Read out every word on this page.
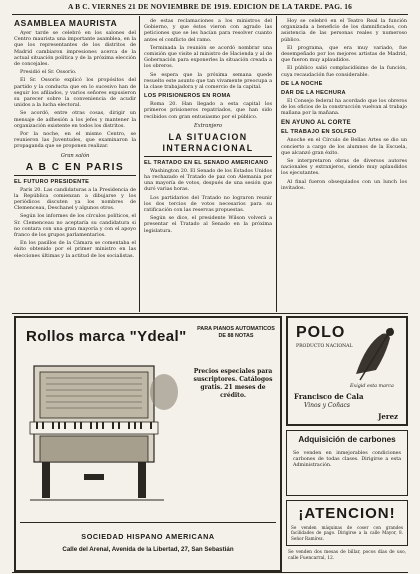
A B C. VIERNES 21 DE NOVIEMBRE DE 1919. EDICION DE LA TARDE. PAG. 16
ASAMBLEA MAURISTA

Ayer tarde se celebró en los salones del Centro maurista una importante asamblea, en la que los representantes de los distritos de Madrid cambiaron impresiones acerca de la actual situación política y de la próxima elección de concejales.

Presidió el Sr. Ossorio.

El Sr. Ossorio explicó los propósitos del partido y la conducta que en lo sucesivo han de seguir los afiliados, y varios señores expusieron su parecer sobre la conveniencia de acudir unidos a la lucha electoral.

Se acordó, entre otras cosas, dirigir un mensaje de adhesión a los jefes y mantener la organización existente en todos los distritos.

Por la noche, en el mismo Centro, se reunieron las Juventudes, que examinaron la propaganda que se proponen realizar.

Gran salón
A B C EN PARIS
EL FUTURO PRESIDENTE

París 20. Las candidaturas a la Presidencia de la República comienzan a dibujarse y los periódicos discuten ya los nombres de Clemenceau, Deschanel y algunos otros.

Según los informes de los círculos políticos, el Sr. Clemenceau no aceptaría su candidatura si no contara con una gran mayoría y con el apoyo franco de los grupos parlamentarios.

En los pasillos de la Cámara se comentaba el éxito obtenido por el primer ministro en las elecciones últimas y la actitud de los socialistas.

de estas reclamaciones a los ministros del Gobierno, y que éstos vieron con agrado las peticiones que se les hacían para resolver cuanto antes el conflicto del ramo.

Terminada la reunión se acordó nombrar una comisión que visite al ministro de Hacienda y al de Gobernación para exponerles la situación creada a los obreros.

Se espera que la próxima semana quede resuelto este asunto que tan vivamente preocupa a la clase trabajadora y al comercio de la capital.

LOS PRISIONEROS EN ROMA

Roma 20. Han llegado a esta capital los primeros prisioneros repatriados, que han sido recibidos con gran entusiasmo por el público.

Extranjero
LA SITUACION INTERNACIONAL
EL TRATADO EN EL SENADO AMERICANO

Washington 20. El Senado de los Estados Unidos ha rechazado el Tratado de paz con Alemania por una mayoría de votos, después de una sesión que duró varias horas.

Los partidarios del Tratado no lograron reunir los dos tercios de votos necesarios para su ratificación con las reservas propuestas.

Según se dice, el presidente Wilson volverá a presentar el Tratado al Senado en la próxima legislatura.

Hoy se celebró en el Teatro Real la función organizada a beneficio de los damnificados, con asistencia de las personas reales y numeroso público.

El programa, que era muy variado, fue desempeñado por los mejores artistas de Madrid, que fueron muy aplaudidos.

El público salió complacidísimo de la función, cuya recaudación fue considerable.

DE LA NOCHE
DAR DE LA HECHURA

El Consejo federal ha acordado que los obreros de los oficios de la construcción vuelvan al trabajo mañana por la mañana.

EN AYUNO AL CORTE
EL TRABAJO EN SOLFEO

Anoche en el Círculo de Bellas Artes se dio un concierto a cargo de los alumnos de la Escuela, que alcanzó gran éxito.

Se interpretaron obras de diversos autores nacionales y extranjeros, siendo muy aplaudidos los ejecutantes.

Al final fueron obsequiados con un lunch los invitados.

Rollos marca "Ydeal"	PARA PIANOS AUTOMATICOS DE 88 NOTAS
Precios especiales para suscriptores. Catálogos gratis. 21 meses de crédito.
SOCIEDAD HISPANO AMERICANA
Calle del Arenal, Avenida de la Libertad, 27, San Sebastián
POLO
PRODUCTO NACIONAL
Exigid esta marca
Francisco de Cala
Vinos y Coñacs
Jerez
Adquisición de carbones
Se venden en inmejorables condiciones carbones de todas clases. Dirigirse a esta Administración.
¡ATENCION!
Se venden máquinas de coser con grandes facilidades de pago. Dirigirse a la calle Mayor, 8. Señor Ramírez.
Se venden dos mesas de billar, pocos días de uso, calle Fuencarral, 12.
